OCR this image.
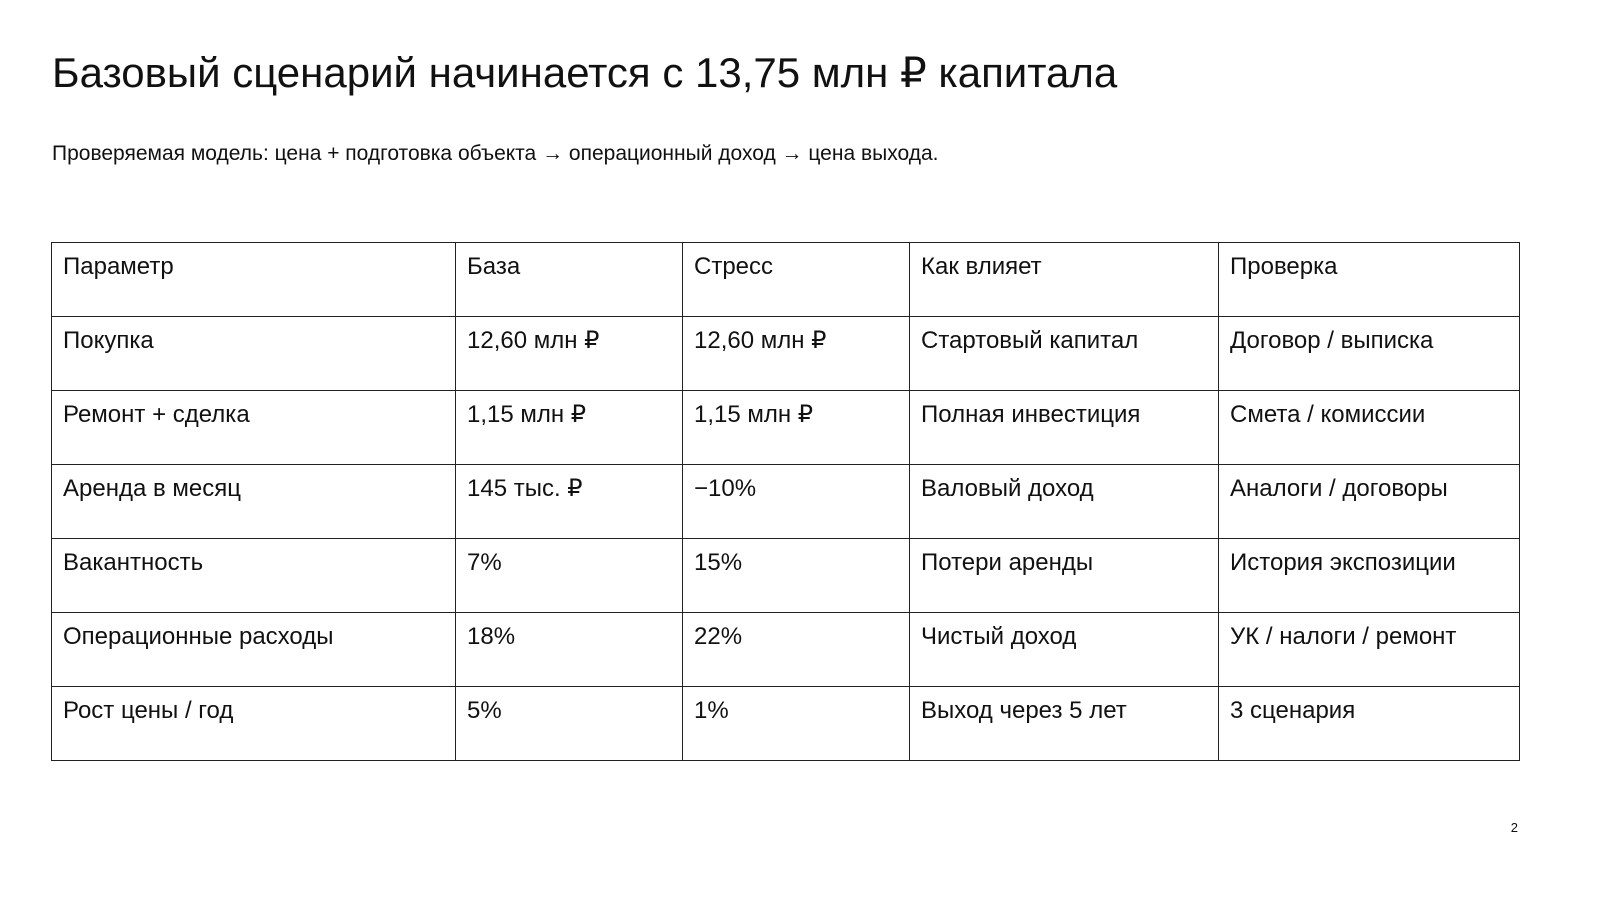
Базовый сценарий начинается с 13,75 млн ₽ капитала

Проверяемая модель: цена + подготовка объекта → операционный доход → цена выхода.

Параметр	База	Стресс	Как влияет	Проверка
Покупка	12,60 млн ₽	12,60 млн ₽	Стартовый капитал	Договор / выписка
Ремонт + сделка	1,15 млн ₽	1,15 млн ₽	Полная инвестиция	Смета / комиссии
Аренда в месяц	145 тыс. ₽	−10%	Валовый доход	Аналоги / договоры
Вакантность	7%	15%	Потери аренды	История экспозиции
Операционные расходы	18%	22%	Чистый доход	УК / налоги / ремонт
Рост цены / год	5%	1%	Выход через 5 лет	3 сценария
2
